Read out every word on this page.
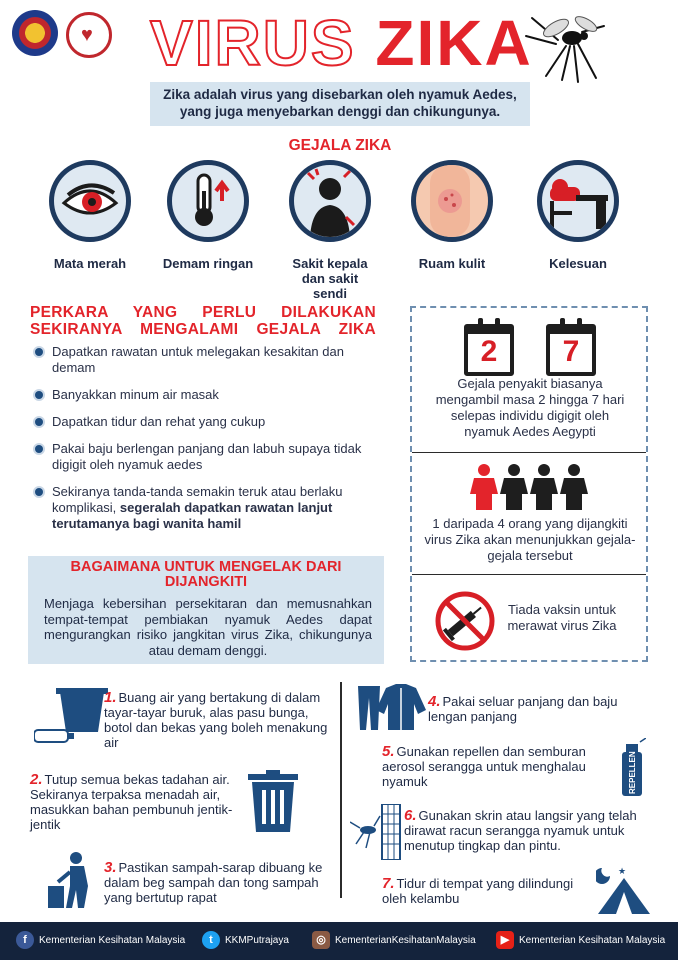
♥ VIRUS ZIKA
Zika adalah virus yang disebarkan oleh nyamuk Aedes, yang juga menyebarkan denggi dan chikungunya.
GEJALA ZIKA
Mata merah	Demam ringan	Sakit kepala dan sakit sendi
Ruam kulit	Kelesuan
PERKARA YANG PERLU DILAKUKAN SEKIRANYA MENGALAMI GEJALA ZIKA
Dapatkan rawatan untuk melegakan kesakitan dan demam
Banyakkan minum air masak
Dapatkan tidur dan rehat yang cukup
Pakai baju berlengan panjang dan labuh supaya tidak digigit oleh nyamuk aedes
Sekiranya tanda-tanda semakin teruk atau berlaku komplikasi, segeralah dapatkan rawatan lanjut terutamanya bagi wanita hamil
2	7
Gejala penyakit biasanya mengambil masa 2 hingga 7 hari selepas individu digigit oleh nyamuk Aedes Aegypti
1 daripada 4 orang yang dijangkiti virus Zika akan menunjukkan gejala-gejala tersebut
Tiada vaksin untuk merawat virus Zika
BAGAIMANA UNTUK MENGELAK DARI DIJANGKITI
Menjaga kebersihan persekitaran dan memusnahkan tempat-tempat pembiakan nyamuk Aedes dapat mengurangkan risiko jangkitan virus Zika, chikungunya atau demam denggi.
1. Buang air yang bertakung di dalam tayar-tayar buruk, alas pasu bunga, botol dan bekas yang boleh menakung air
2. Tutup semua bekas tadahan air. Sekiranya terpaksa menadah air, masukkan bahan pembunuh jentik-jentik
3. Pastikan sampah-sarap dibuang ke dalam beg sampah dan tong sampah yang bertutup rapat
4. Pakai seluar panjang dan baju lengan panjang
REPELLEN
5. Gunakan repellen dan semburan aerosol serangga untuk menghalau nyamuk
6. Gunakan skrin atau langsir yang telah dirawat racun serangga nyamuk untuk menutup tingkap dan pintu.
★
7. Tidur di tempat yang dilindungi oleh kelambu
f Kementerian Kesihatan Malaysia	t KKMPutrajaya	◎ KementerianKesihatanMalaysia	▶ Kementerian Kesihatan Malaysia
